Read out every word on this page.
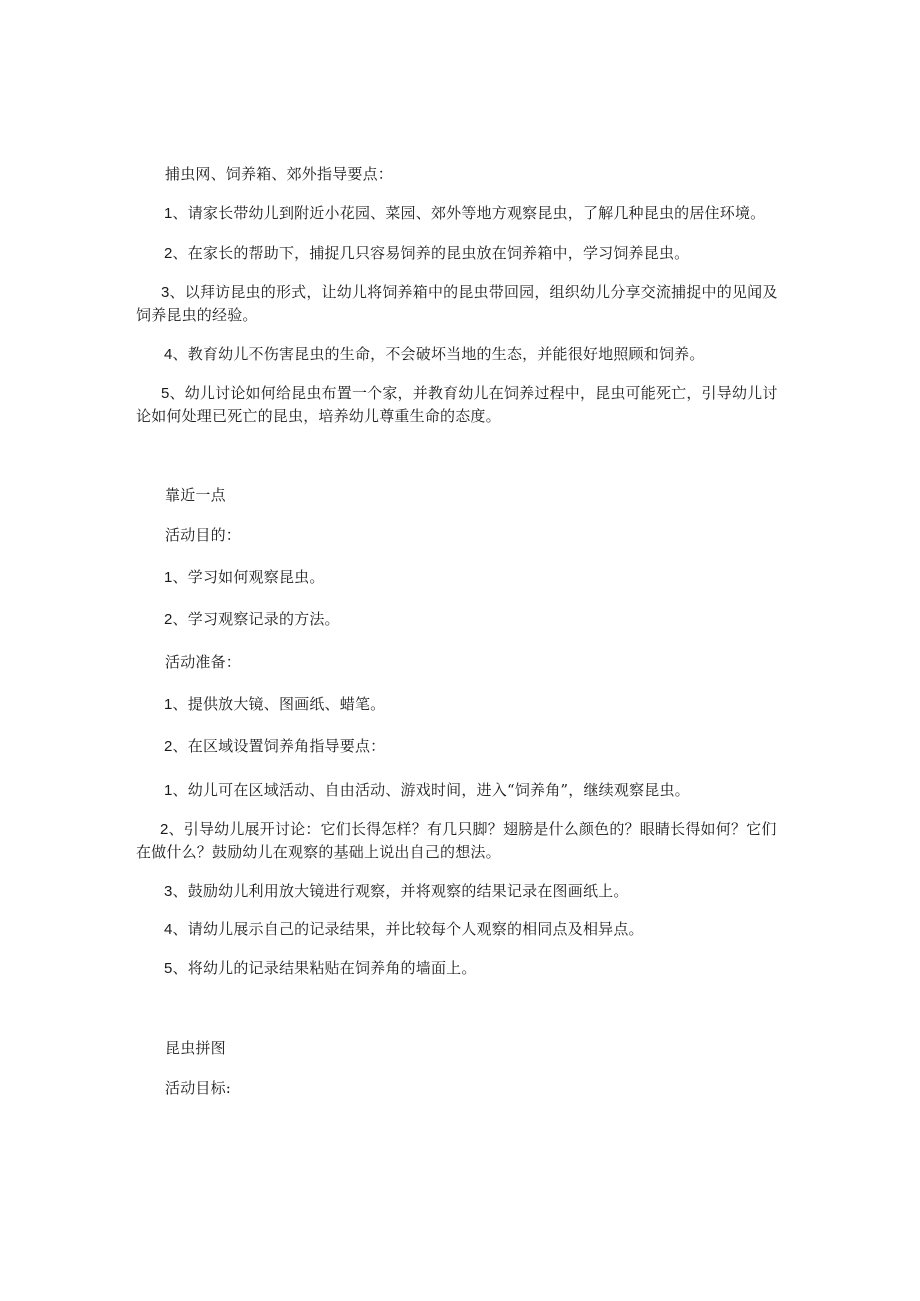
捕虫网、饲养箱、郊外指导要点：
1、请家长带幼儿到附近小花园、菜园、郊外等地方观察昆虫，了解几种昆虫的居住环境。
2、在家长的帮助下，捕捉几只容易饲养的昆虫放在饲养箱中，学习饲养昆虫。
3、以拜访昆虫的形式，让幼儿将饲养箱中的昆虫带回园，组织幼儿分享交流捕捉中的见闻及
饲养昆虫的经验。
4、教育幼儿不伤害昆虫的生命，不会破坏当地的生态，并能很好地照顾和饲养。
5、幼儿讨论如何给昆虫布置一个家，并教育幼儿在饲养过程中，昆虫可能死亡，引导幼儿讨
论如何处理已死亡的昆虫，培养幼儿尊重生命的态度。
靠近一点
活动目的：
1、学习如何观察昆虫。
2、学习观察记录的方法。
活动准备：
1、提供放大镜、图画纸、蜡笔。
2、在区域设置饲养角指导要点：
1、幼儿可在区域活动、自由活动、游戏时间，进入“饲养角”，继续观察昆虫。
2、引导幼儿展开讨论：它们长得怎样？有几只脚？翅膀是什么颜色的？眼睛长得如何？它们
在做什么？鼓励幼儿在观察的基础上说出自己的想法。
3、鼓励幼儿利用放大镜进行观察，并将观察的结果记录在图画纸上。
4、请幼儿展示自己的记录结果，并比较每个人观察的相同点及相异点。
5、将幼儿的记录结果粘贴在饲养角的墙面上。
昆虫拼图
活动目标:
